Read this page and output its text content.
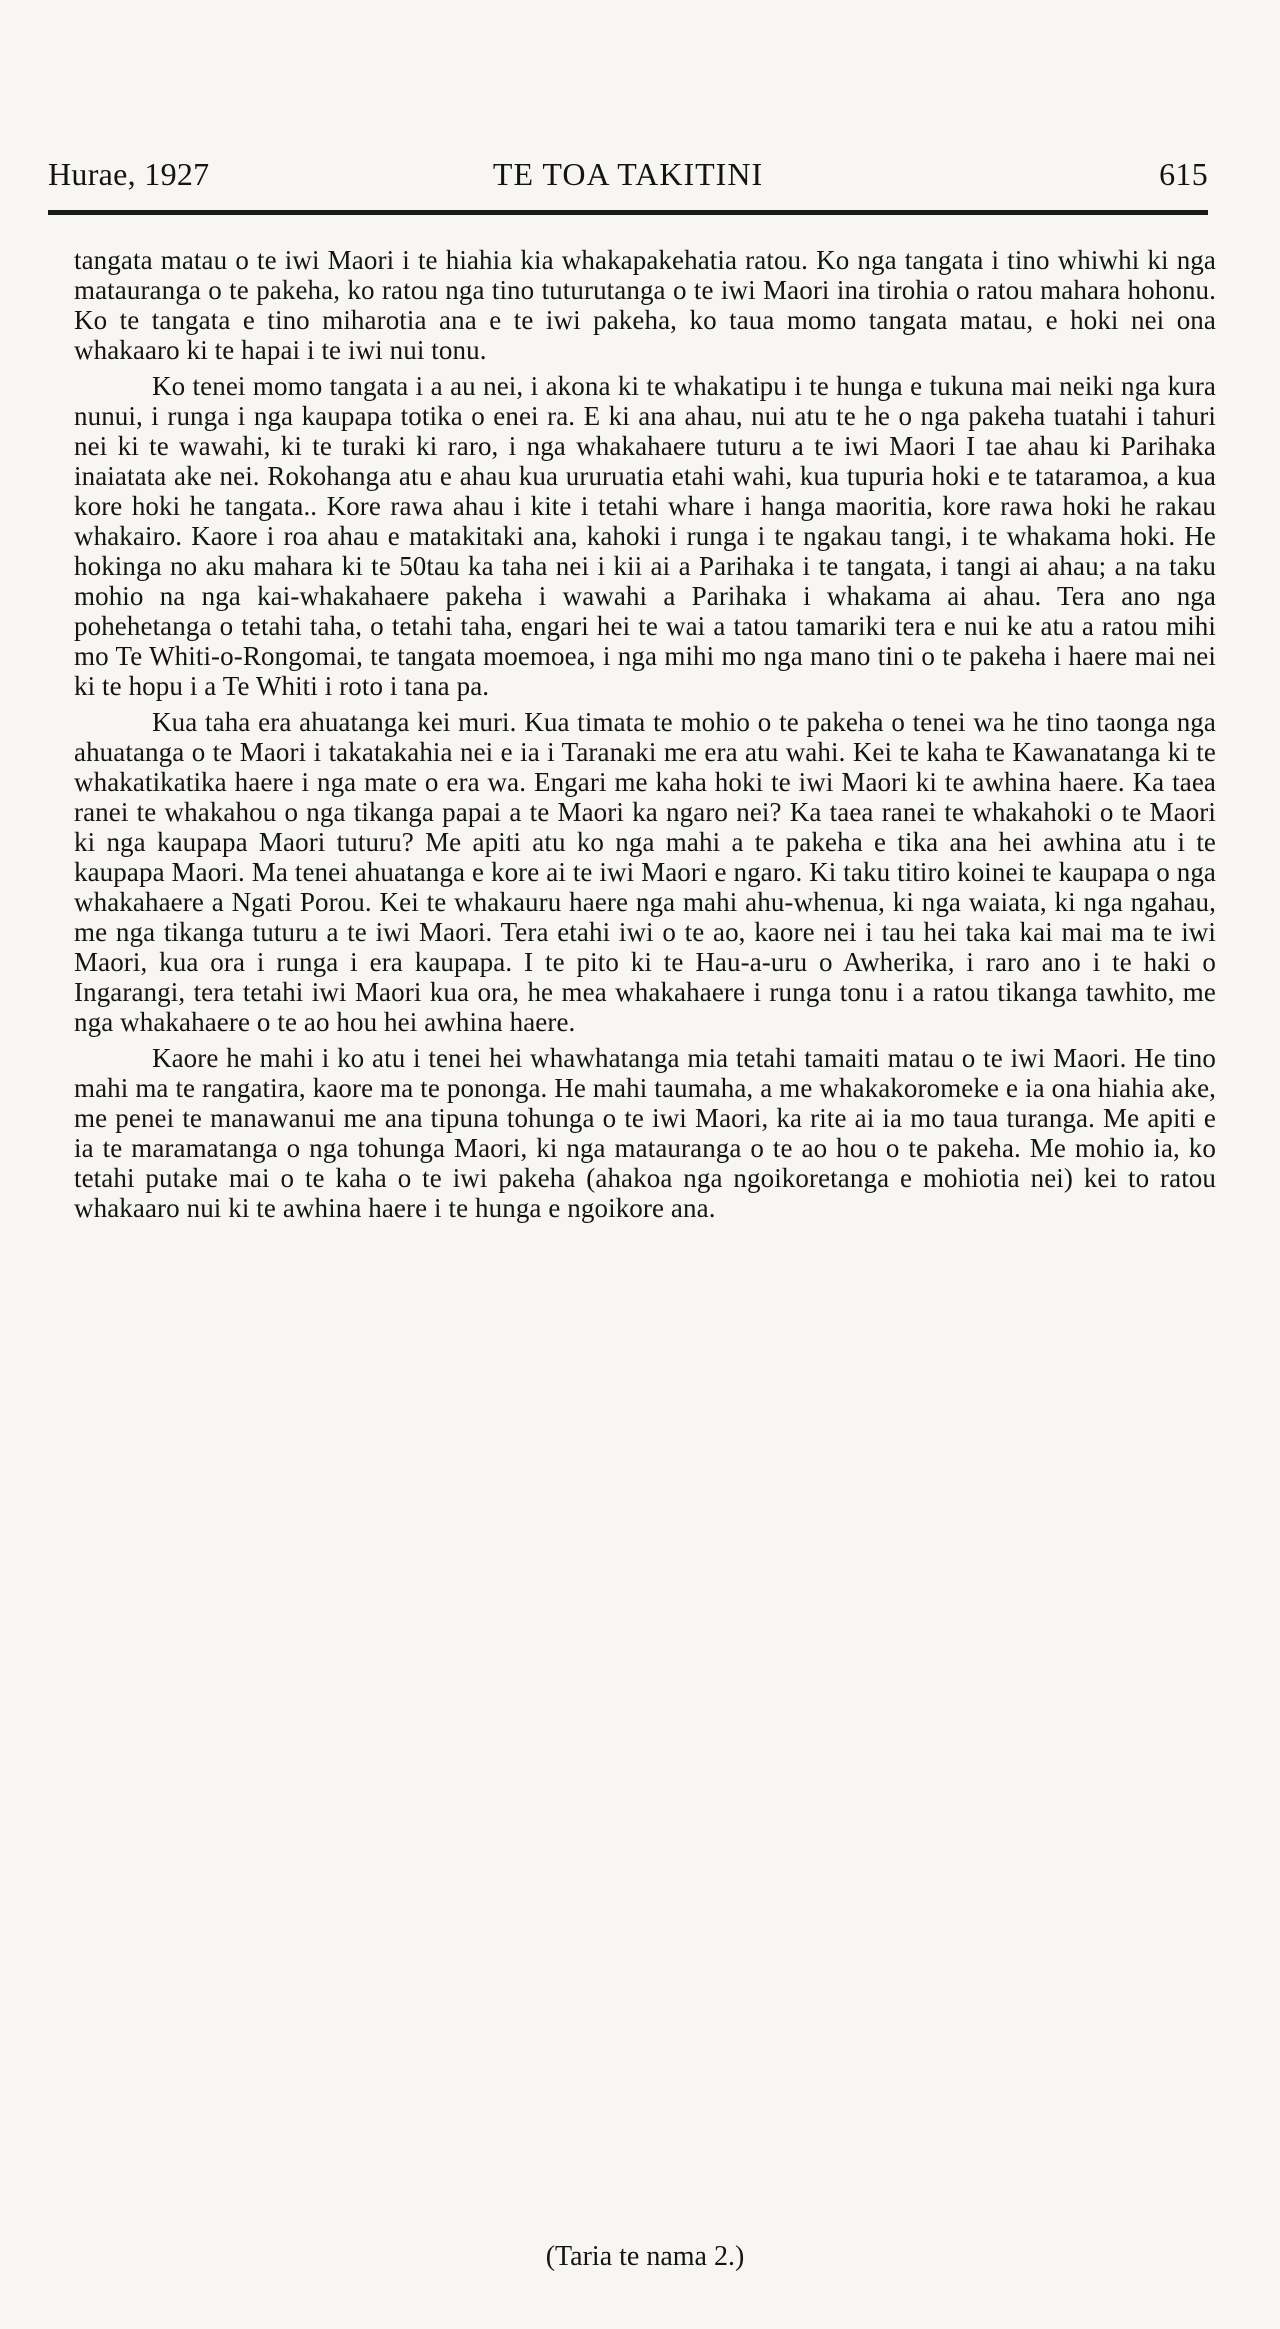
Hurae, 1927	TE TOA TAKITINI	615

tangata matau o te iwi Maori i te hiahia kia whakapakehatia ratou. Ko nga tangata i tino whiwhi ki nga matauranga o te pakeha, ko ratou nga tino tuturutanga o te iwi Maori ina tirohia o ratou mahara hohonu. Ko te tangata e tino miharotia ana e te iwi pakeha, ko taua momo tangata matau, e hoki nei ona whakaaro ki te hapai i te iwi nui tonu.

Ko tenei momo tangata i a au nei, i akona ki te whakatipu i te hunga e tukuna mai neiki nga kura nunui, i runga i nga kaupapa totika o enei ra. E ki ana ahau, nui atu te he o nga pakeha tuatahi i tahuri nei ki te wawahi, ki te turaki ki raro, i nga whakahaere tuturu a te iwi Maori I tae ahau ki Parihaka inaiatata ake nei. Rokohanga atu e ahau kua ururuatia etahi wahi, kua tupuria hoki e te tataramoa, a kua kore hoki he tangata.. Kore rawa ahau i kite i tetahi whare i hanga maoritia, kore rawa hoki he rakau whakairo. Kaore i roa ahau e matakitaki ana, kahoki i runga i te ngakau tangi, i te whakama hoki. He hokinga no aku mahara ki te 50tau ka taha nei i kii ai a Parihaka i te tangata, i tangi ai ahau; a na taku mohio na nga kai-whakahaere pakeha i wawahi a Parihaka i whakama ai ahau. Tera ano nga pohehetanga o tetahi taha, o tetahi taha, engari hei te wai a tatou tamariki tera e nui ke atu a ratou mihi mo Te Whiti-o-Rongomai, te tangata moemoea, i nga mihi mo nga mano tini o te pakeha i haere mai nei ki te hopu i a Te Whiti i roto i tana pa.

Kua taha era ahuatanga kei muri. Kua timata te mohio o te pakeha o tenei wa he tino taonga nga ahuatanga o te Maori i takatakahia nei e ia i Taranaki me era atu wahi. Kei te kaha te Kawanatanga ki te whakatikatika haere i nga mate o era wa. Engari me kaha hoki te iwi Maori ki te awhina haere. Ka taea ranei te whakahou o nga tikanga papai a te Maori ka ngaro nei? Ka taea ranei te whakahoki o te Maori ki nga kaupapa Maori tuturu? Me apiti atu ko nga mahi a te pakeha e tika ana hei awhina atu i te kaupapa Maori. Ma tenei ahuatanga e kore ai te iwi Maori e ngaro. Ki taku titiro koinei te kaupapa o nga whakahaere a Ngati Porou. Kei te whakauru haere nga mahi ahu-whenua, ki nga waiata, ki nga ngahau, me nga tikanga tuturu a te iwi Maori. Tera etahi iwi o te ao, kaore nei i tau hei taka kai mai ma te iwi Maori, kua ora i runga i era kaupapa. I te pito ki te Hau-a-uru o Awherika, i raro ano i te haki o Ingarangi, tera tetahi iwi Maori kua ora, he mea whakahaere i runga tonu i a ratou tikanga tawhito, me nga whakahaere o te ao hou hei awhina haere.

Kaore he mahi i ko atu i tenei hei whawhatanga mia tetahi tamaiti matau o te iwi Maori. He tino mahi ma te rangatira, kaore ma te pononga. He mahi taumaha, a me whakakoromeke e ia ona hiahia ake, me penei te manawanui me ana tipuna tohunga o te iwi Maori, ka rite ai ia mo taua turanga. Me apiti e ia te maramatanga o nga tohunga Maori, ki nga matauranga o te ao hou o te pakeha. Me mohio ia, ko tetahi putake mai o te kaha o te iwi pakeha (ahakoa nga ngoikoretanga e mohiotia nei) kei to ratou whakaaro nui ki te awhina haere i te hunga e ngoikore ana.

(Taria te nama 2.)
